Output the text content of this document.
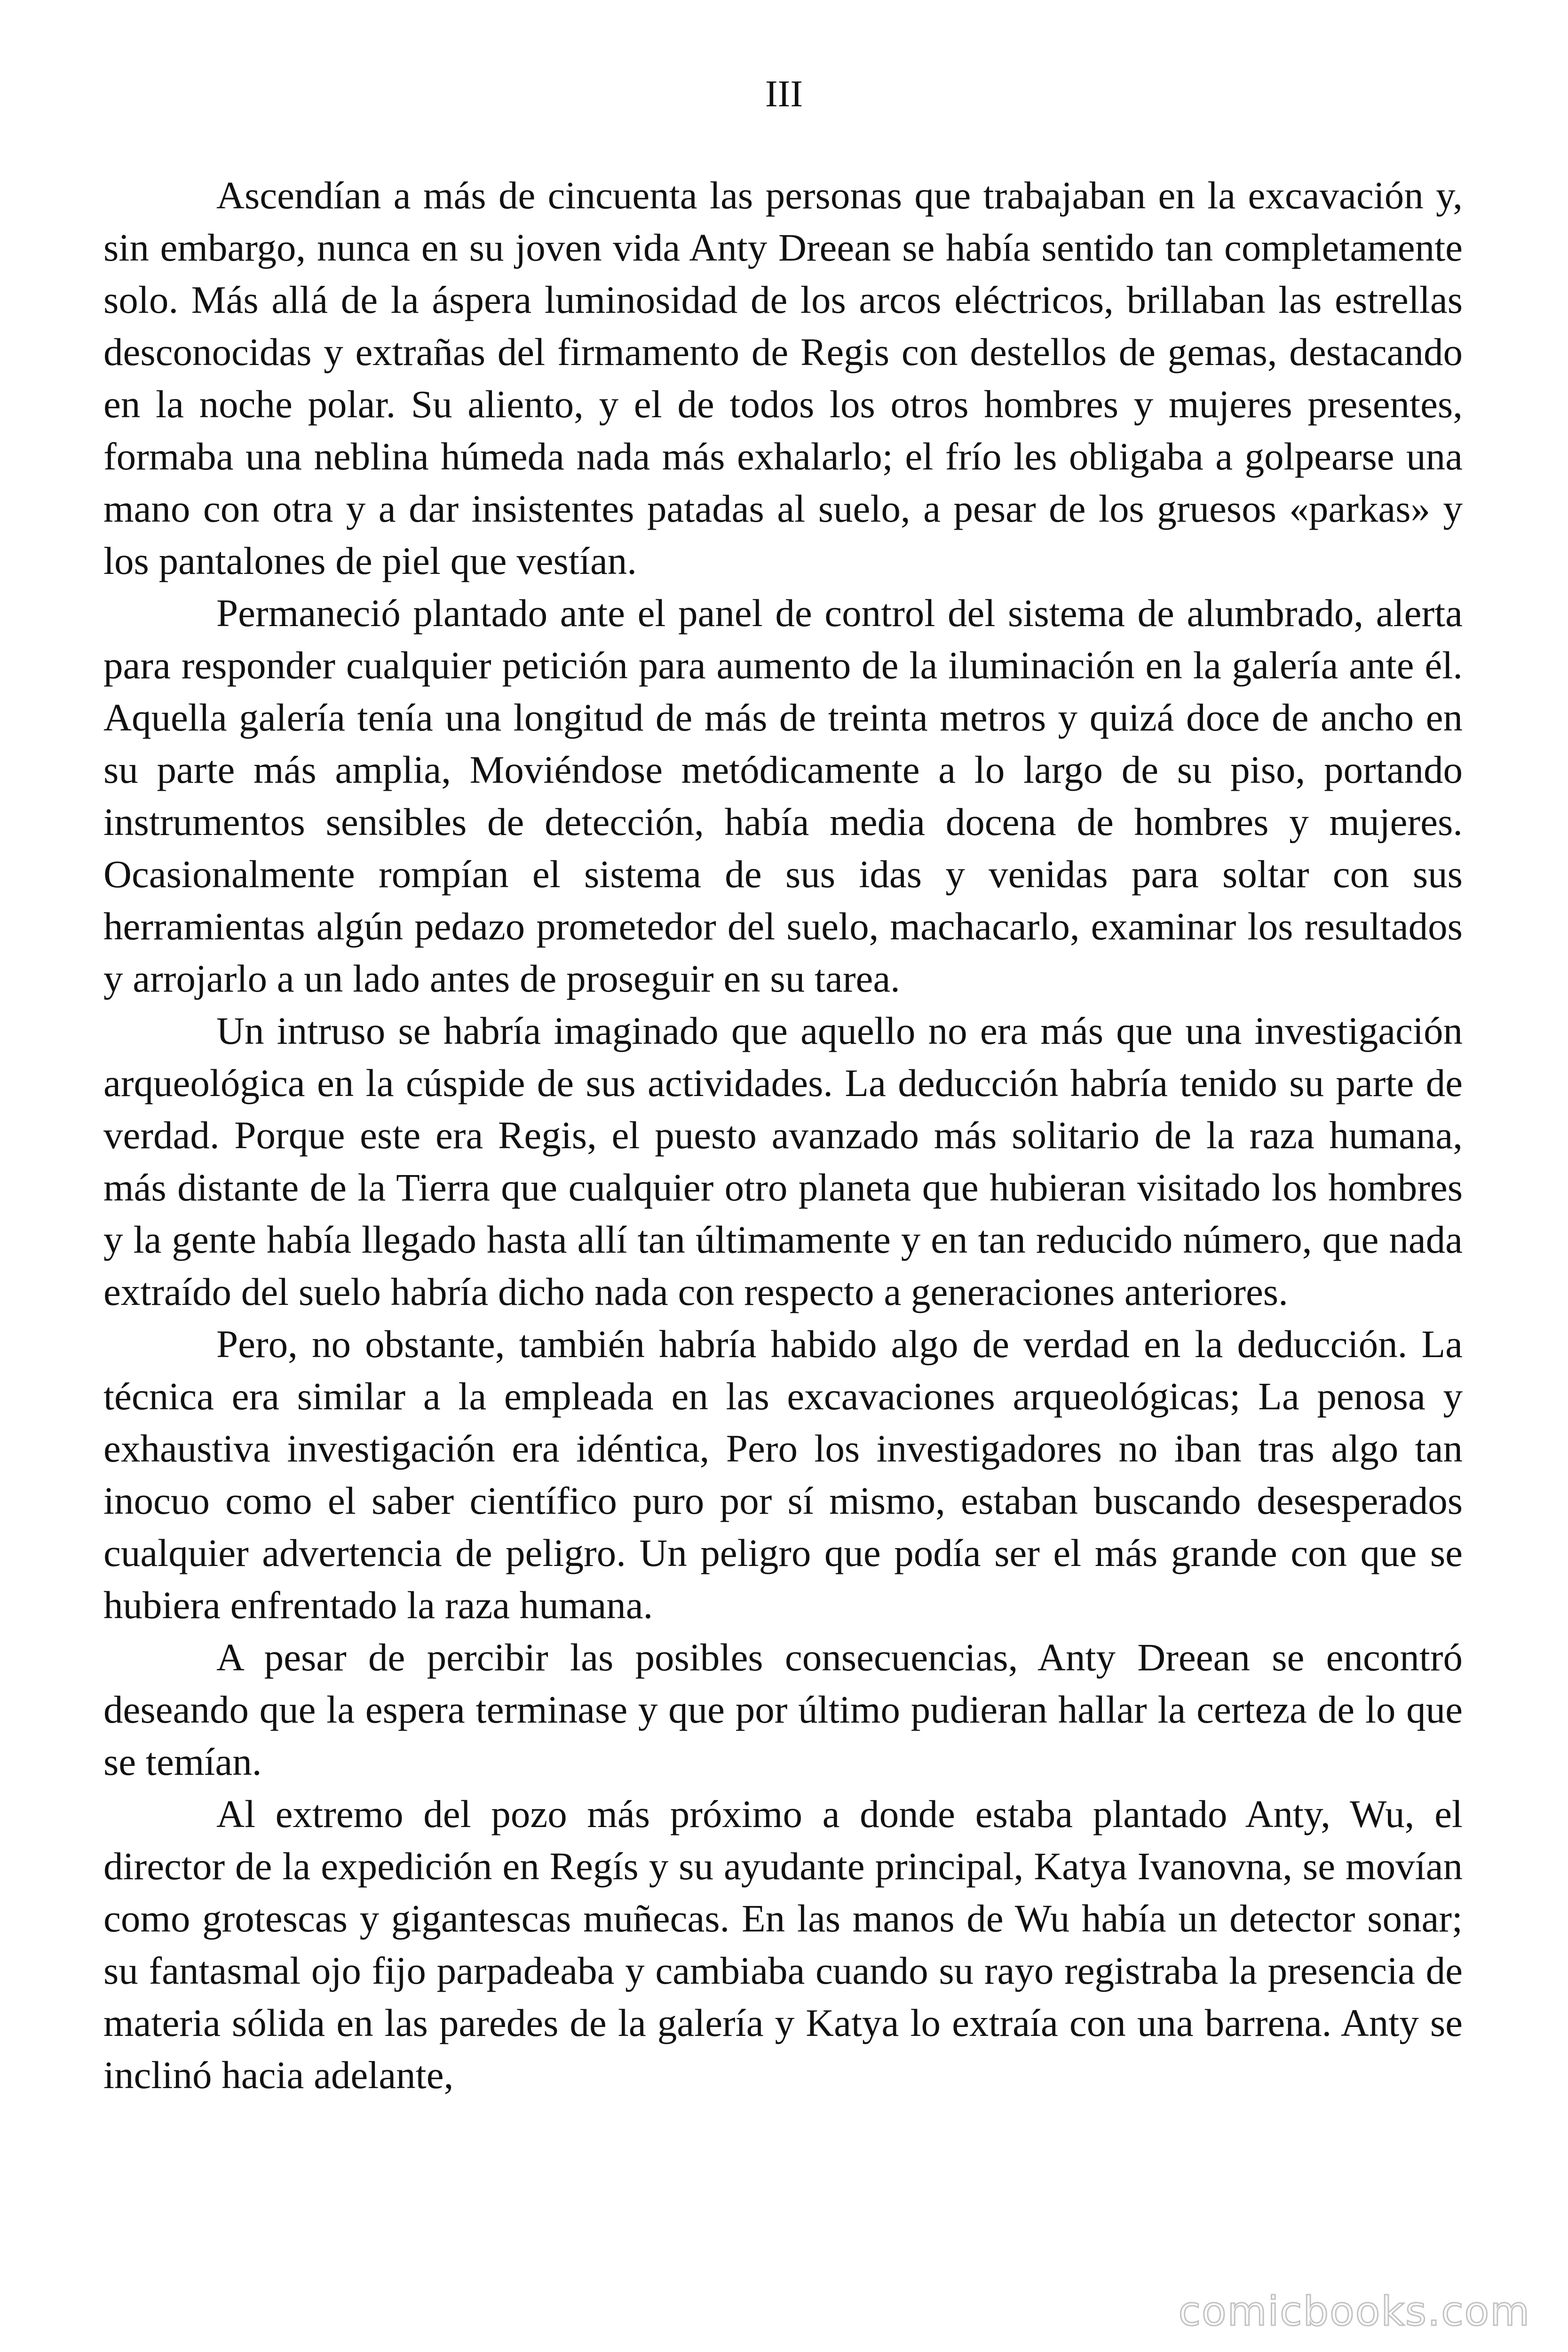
III

Ascendían a más de cincuenta las personas que trabajaban en la excavación y, sin embargo, nunca en su joven vida Anty Dreean se había sentido tan completamente solo. Más allá de la áspera luminosidad de los arcos eléctricos, brillaban las estrellas desconocidas y extrañas del firmamento de Regis con destellos de gemas, destacando en la noche polar. Su aliento, y el de todos los otros hombres y mujeres presentes, formaba una neblina húmeda nada más exhalarlo; el frío les obligaba a golpearse una mano con otra y a dar insistentes patadas al suelo, a pesar de los gruesos «parkas» y los pantalones de piel que vestían.

Permaneció plantado ante el panel de control del sistema de alumbrado, alerta para responder cualquier petición para aumento de la iluminación en la galería ante él. Aquella galería tenía una longitud de más de treinta metros y quizá doce de ancho en su parte más amplia, Moviéndose metódicamente a lo largo de su piso, portando instrumentos sensibles de detección, había media docena de hombres y mujeres. Ocasionalmente rompían el sistema de sus idas y venidas para soltar con sus herramientas algún pedazo prometedor del suelo, machacarlo, examinar los resultados y arrojarlo a un lado antes de proseguir en su tarea.

Un intruso se habría imaginado que aquello no era más que una investigación arqueológica en la cúspide de sus actividades. La deducción habría tenido su parte de verdad. Porque este era Regis, el puesto avanzado más solitario de la raza humana, más distante de la Tierra que cualquier otro planeta que hubieran visitado los hombres y la gente había llegado hasta allí tan últimamente y en tan reducido número, que nada extraído del suelo habría dicho nada con respecto a generaciones anteriores.

Pero, no obstante, también habría habido algo de verdad en la deducción. La técnica era similar a la empleada en las excavaciones arqueológicas; La penosa y exhaustiva investigación era idéntica, Pero los investigadores no iban tras algo tan inocuo como el saber científico puro por sí mismo, estaban buscando desesperados cualquier advertencia de peligro. Un peligro que podía ser el más grande con que se hubiera enfrentado la raza humana.

A pesar de percibir las posibles consecuencias, Anty Dreean se encontró deseando que la espera terminase y que por último pudieran hallar la certeza de lo que se temían.

Al extremo del pozo más próximo a donde estaba plantado Anty, Wu, el director de la expedición en Regís y su ayudante principal, Katya Ivanovna, se movían como grotescas y gigantescas muñecas. En las manos de Wu había un detector sonar; su fantasmal ojo fijo parpadeaba y cambiaba cuando su rayo registraba la presencia de materia sólida en las paredes de la galería y Katya lo extraía con una barrena. Anty se inclinó hacia adelante,

comicbooks.com
